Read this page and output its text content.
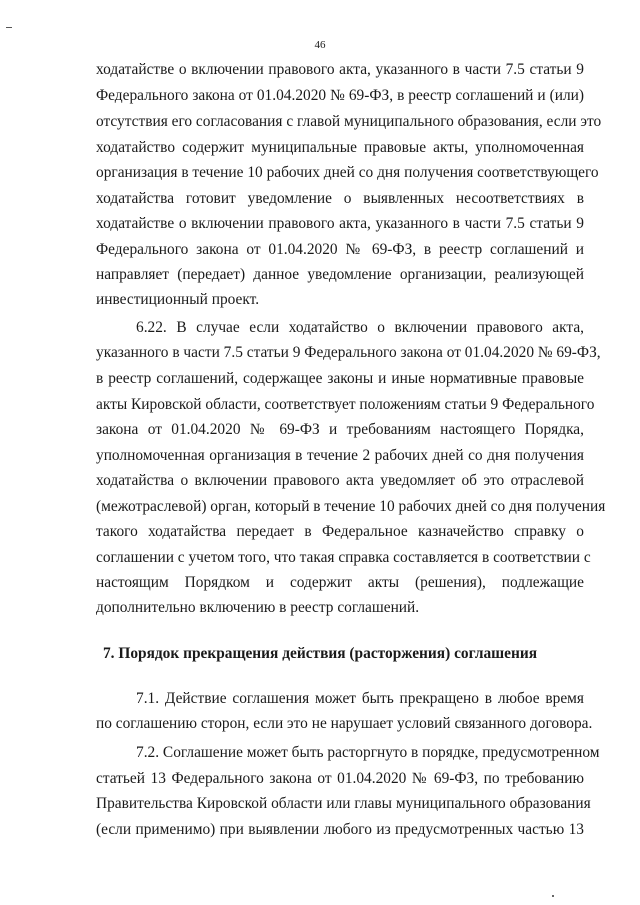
46
ходатайстве о включении правового акта, указанного в части 7.5 статьи 9
Федерального закона от 01.04.2020 № 69-ФЗ, в реестр соглашений и (или)
отсутствия его согласования с главой муниципального образования, если это
ходатайство содержит муниципальные правовые акты, уполномоченная
организация в течение 10 рабочих дней со дня получения соответствующего
ходатайства готовит уведомление о выявленных несоответствиях в
ходатайстве о включении правового акта, указанного в части 7.5 статьи 9
Федерального закона от 01.04.2020 № 69-ФЗ, в реестр соглашений и
направляет (передает) данное уведомление организации, реализующей
инвестиционный проект.
6.22. В случае если ходатайство о включении правового акта,
указанного в части 7.5 статьи 9 Федерального закона от 01.04.2020 № 69-ФЗ,
в реестр соглашений, содержащее законы и иные нормативные правовые
акты Кировской области, соответствует положениям статьи 9 Федерального
закона от 01.04.2020 № 69-ФЗ и требованиям настоящего Порядка,
уполномоченная организация в течение 2 рабочих дней со дня получения
ходатайства о включении правового акта уведомляет об это отраслевой
(межотраслевой) орган, который в течение 10 рабочих дней со дня получения
такого ходатайства передает в Федеральное казначейство справку о
соглашении с учетом того, что такая справка составляется в соответствии с
настоящим Порядком и содержит акты (решения), подлежащие
дополнительно включению в реестр соглашений.
7. Порядок прекращения действия (расторжения) соглашения
7.1. Действие соглашения может быть прекращено в любое время
по соглашению сторон, если это не нарушает условий связанного договора.
7.2. Соглашение может быть расторгнуто в порядке, предусмотренном
статьей 13 Федерального закона от 01.04.2020 № 69-ФЗ, по требованию
Правительства Кировской области или главы муниципального образования
(если применимо) при выявлении любого из предусмотренных частью 13
